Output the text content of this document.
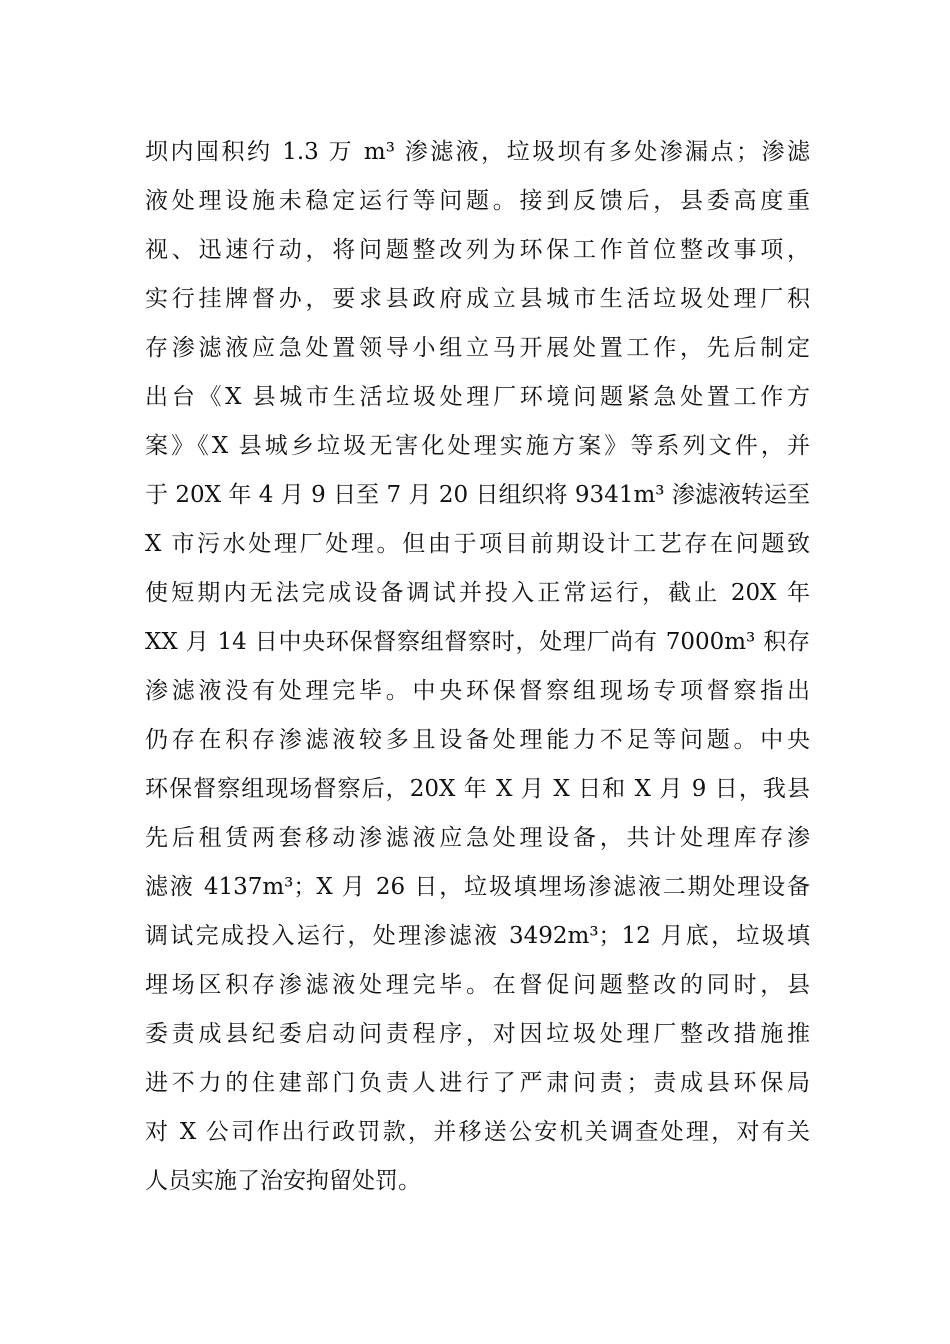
坝内囤积约 1.3 万 m³ 渗滤液，垃圾坝有多处渗漏点；渗滤
液处理设施未稳定运行等问题。接到反馈后，县委高度重
视、迅速行动，将问题整改列为环保工作首位整改事项，
实行挂牌督办，要求县政府成立县城市生活垃圾处理厂积
存渗滤液应急处置领导小组立马开展处置工作，先后制定
出台《X 县城市生活垃圾处理厂环境问题紧急处置工作方
案》《X 县城乡垃圾无害化处理实施方案》等系列文件，并
于 20X 年 4 月 9 日至 7 月 20 日组织将 9341m³ 渗滤液转运至
X 市污水处理厂处理。但由于项目前期设计工艺存在问题致
使短期内无法完成设备调试并投入正常运行，截止 20X 年
XX 月 14 日中央环保督察组督察时，处理厂尚有 7000m³ 积存
渗滤液没有处理完毕。中央环保督察组现场专项督察指出
仍存在积存渗滤液较多且设备处理能力不足等问题。中央
环保督察组现场督察后，20X 年 X 月 X 日和 X 月 9 日，我县
先后租赁两套移动渗滤液应急处理设备，共计处理库存渗
滤液 4137m³；X 月 26 日，垃圾填埋场渗滤液二期处理设备
调试完成投入运行，处理渗滤液 3492m³；12 月底，垃圾填
埋场区积存渗滤液处理完毕。在督促问题整改的同时，县
委责成县纪委启动问责程序，对因垃圾处理厂整改措施推
进不力的住建部门负责人进行了严肃问责；责成县环保局
对 X 公司作出行政罚款，并移送公安机关调查处理，对有关
人员实施了治安拘留处罚。
